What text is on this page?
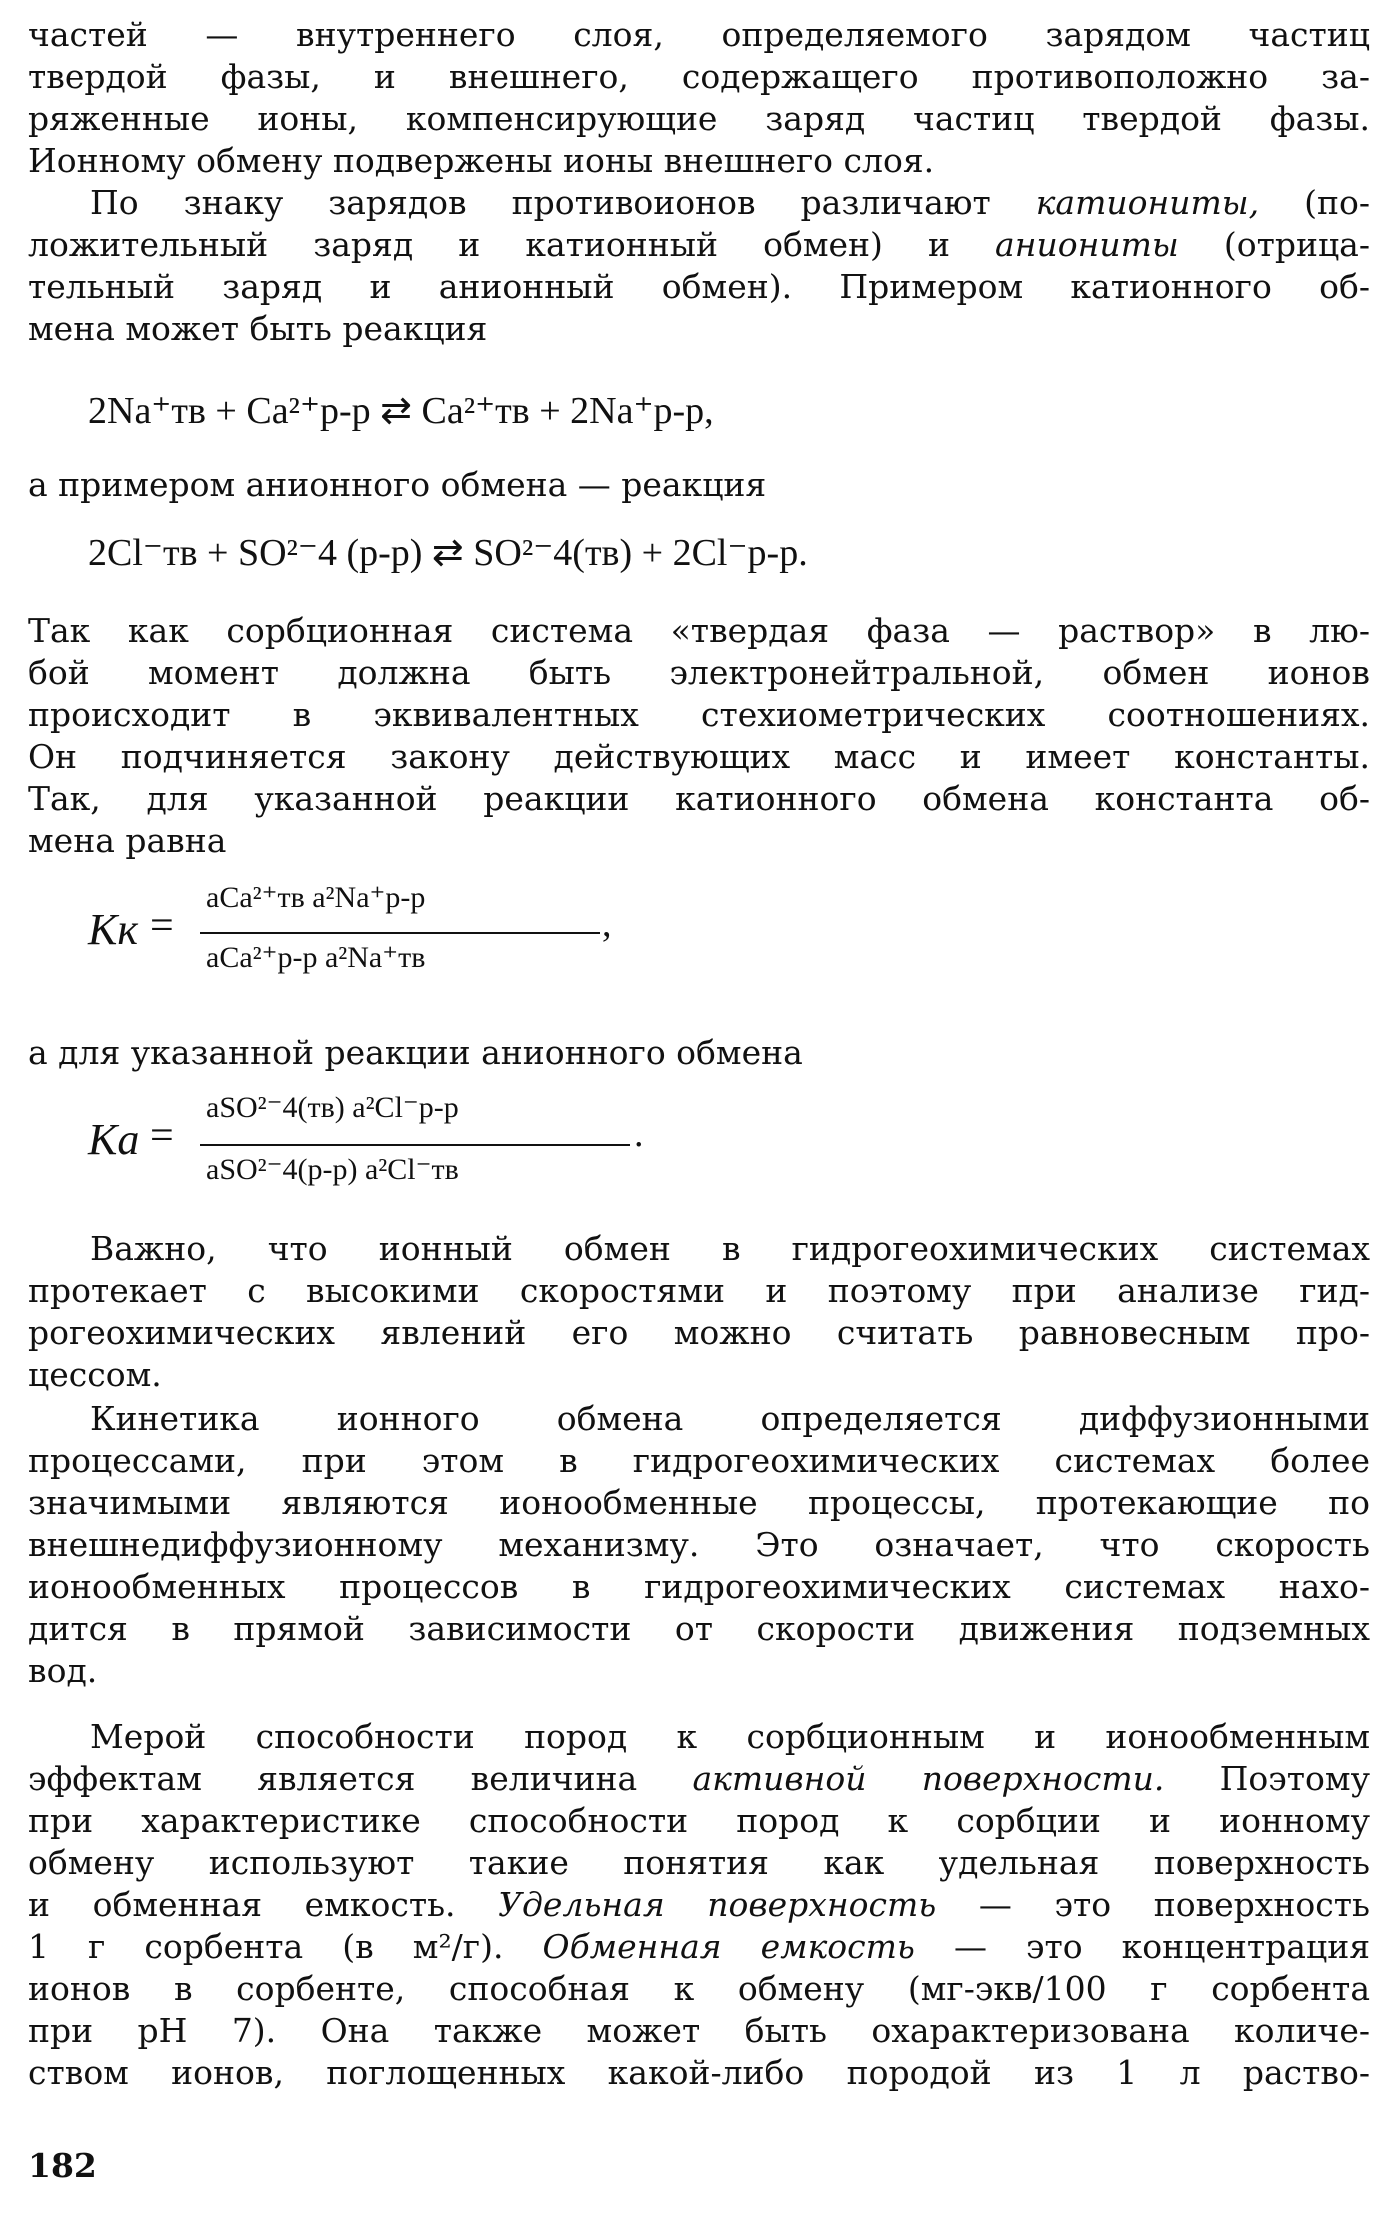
частей — внутреннего слоя, определяемого зарядом частиц
твердой фазы, и внешнего, содержащего противоположно за-
ряженные ионы, компенсирующие заряд частиц твердой фазы.
Ионному обмену подвержены ионы внешнего слоя.
По знаку зарядов противоионов различают катиониты, (по-
ложительный заряд и катионный обмен) и аниониты (отрица-
тельный заряд и анионный обмен). Примером катионного об-
мена может быть реакция
2Na⁺тв + Ca²⁺р-р ⇄ Ca²⁺тв + 2Na⁺р-р,
а примером анионного обмена — реакция
2Cl⁻тв + SO²⁻4 (р-р) ⇄ SO²⁻4(тв) + 2Cl⁻р-р.
Так как сорбционная система «твердая фаза — раствор» в лю-
бой момент должна быть электронейтральной, обмен ионов
происходит в эквивалентных стехиометрических соотношениях.
Он подчиняется закону действующих масс и имеет константы.
Так, для указанной реакции катионного обмена константа об-
мена равна
Kк =
aCa²⁺тв a²Na⁺р-р
aCa²⁺р-р a²Na⁺тв
,
а для указанной реакции анионного обмена
Kа =
aSO²⁻4(тв) a²Cl⁻р-р
aSO²⁻4(р-р) a²Cl⁻тв
.
Важно, что ионный обмен в гидрогеохимических системах
протекает с высокими скоростями и поэтому при анализе гид-
рогеохимических явлений его можно считать равновесным про-
цессом.
Кинетика ионного обмена определяется диффузионными
процессами, при этом в гидрогеохимических системах более
значимыми являются ионообменные процессы, протекающие по
внешнедиффузионному механизму. Это означает, что скорость
ионообменных процессов в гидрогеохимических системах нахо-
дится в прямой зависимости от скорости движения подземных
вод.
Мерой способности пород к сорбционным и ионообменным
эффектам является величина активной поверхности. Поэтому
при характеристике способности пород к сорбции и ионному
обмену используют такие понятия как удельная поверхность
и обменная емкость. Удельная поверхность — это поверхность
1 г сорбента (в м²/г). Обменная емкость — это концентрация
ионов в сорбенте, способная к обмену (мг-экв/100 г сорбента
при pH 7). Она также может быть охарактеризована количе-
ством ионов, поглощенных какой-либо породой из 1 л раство-
182
